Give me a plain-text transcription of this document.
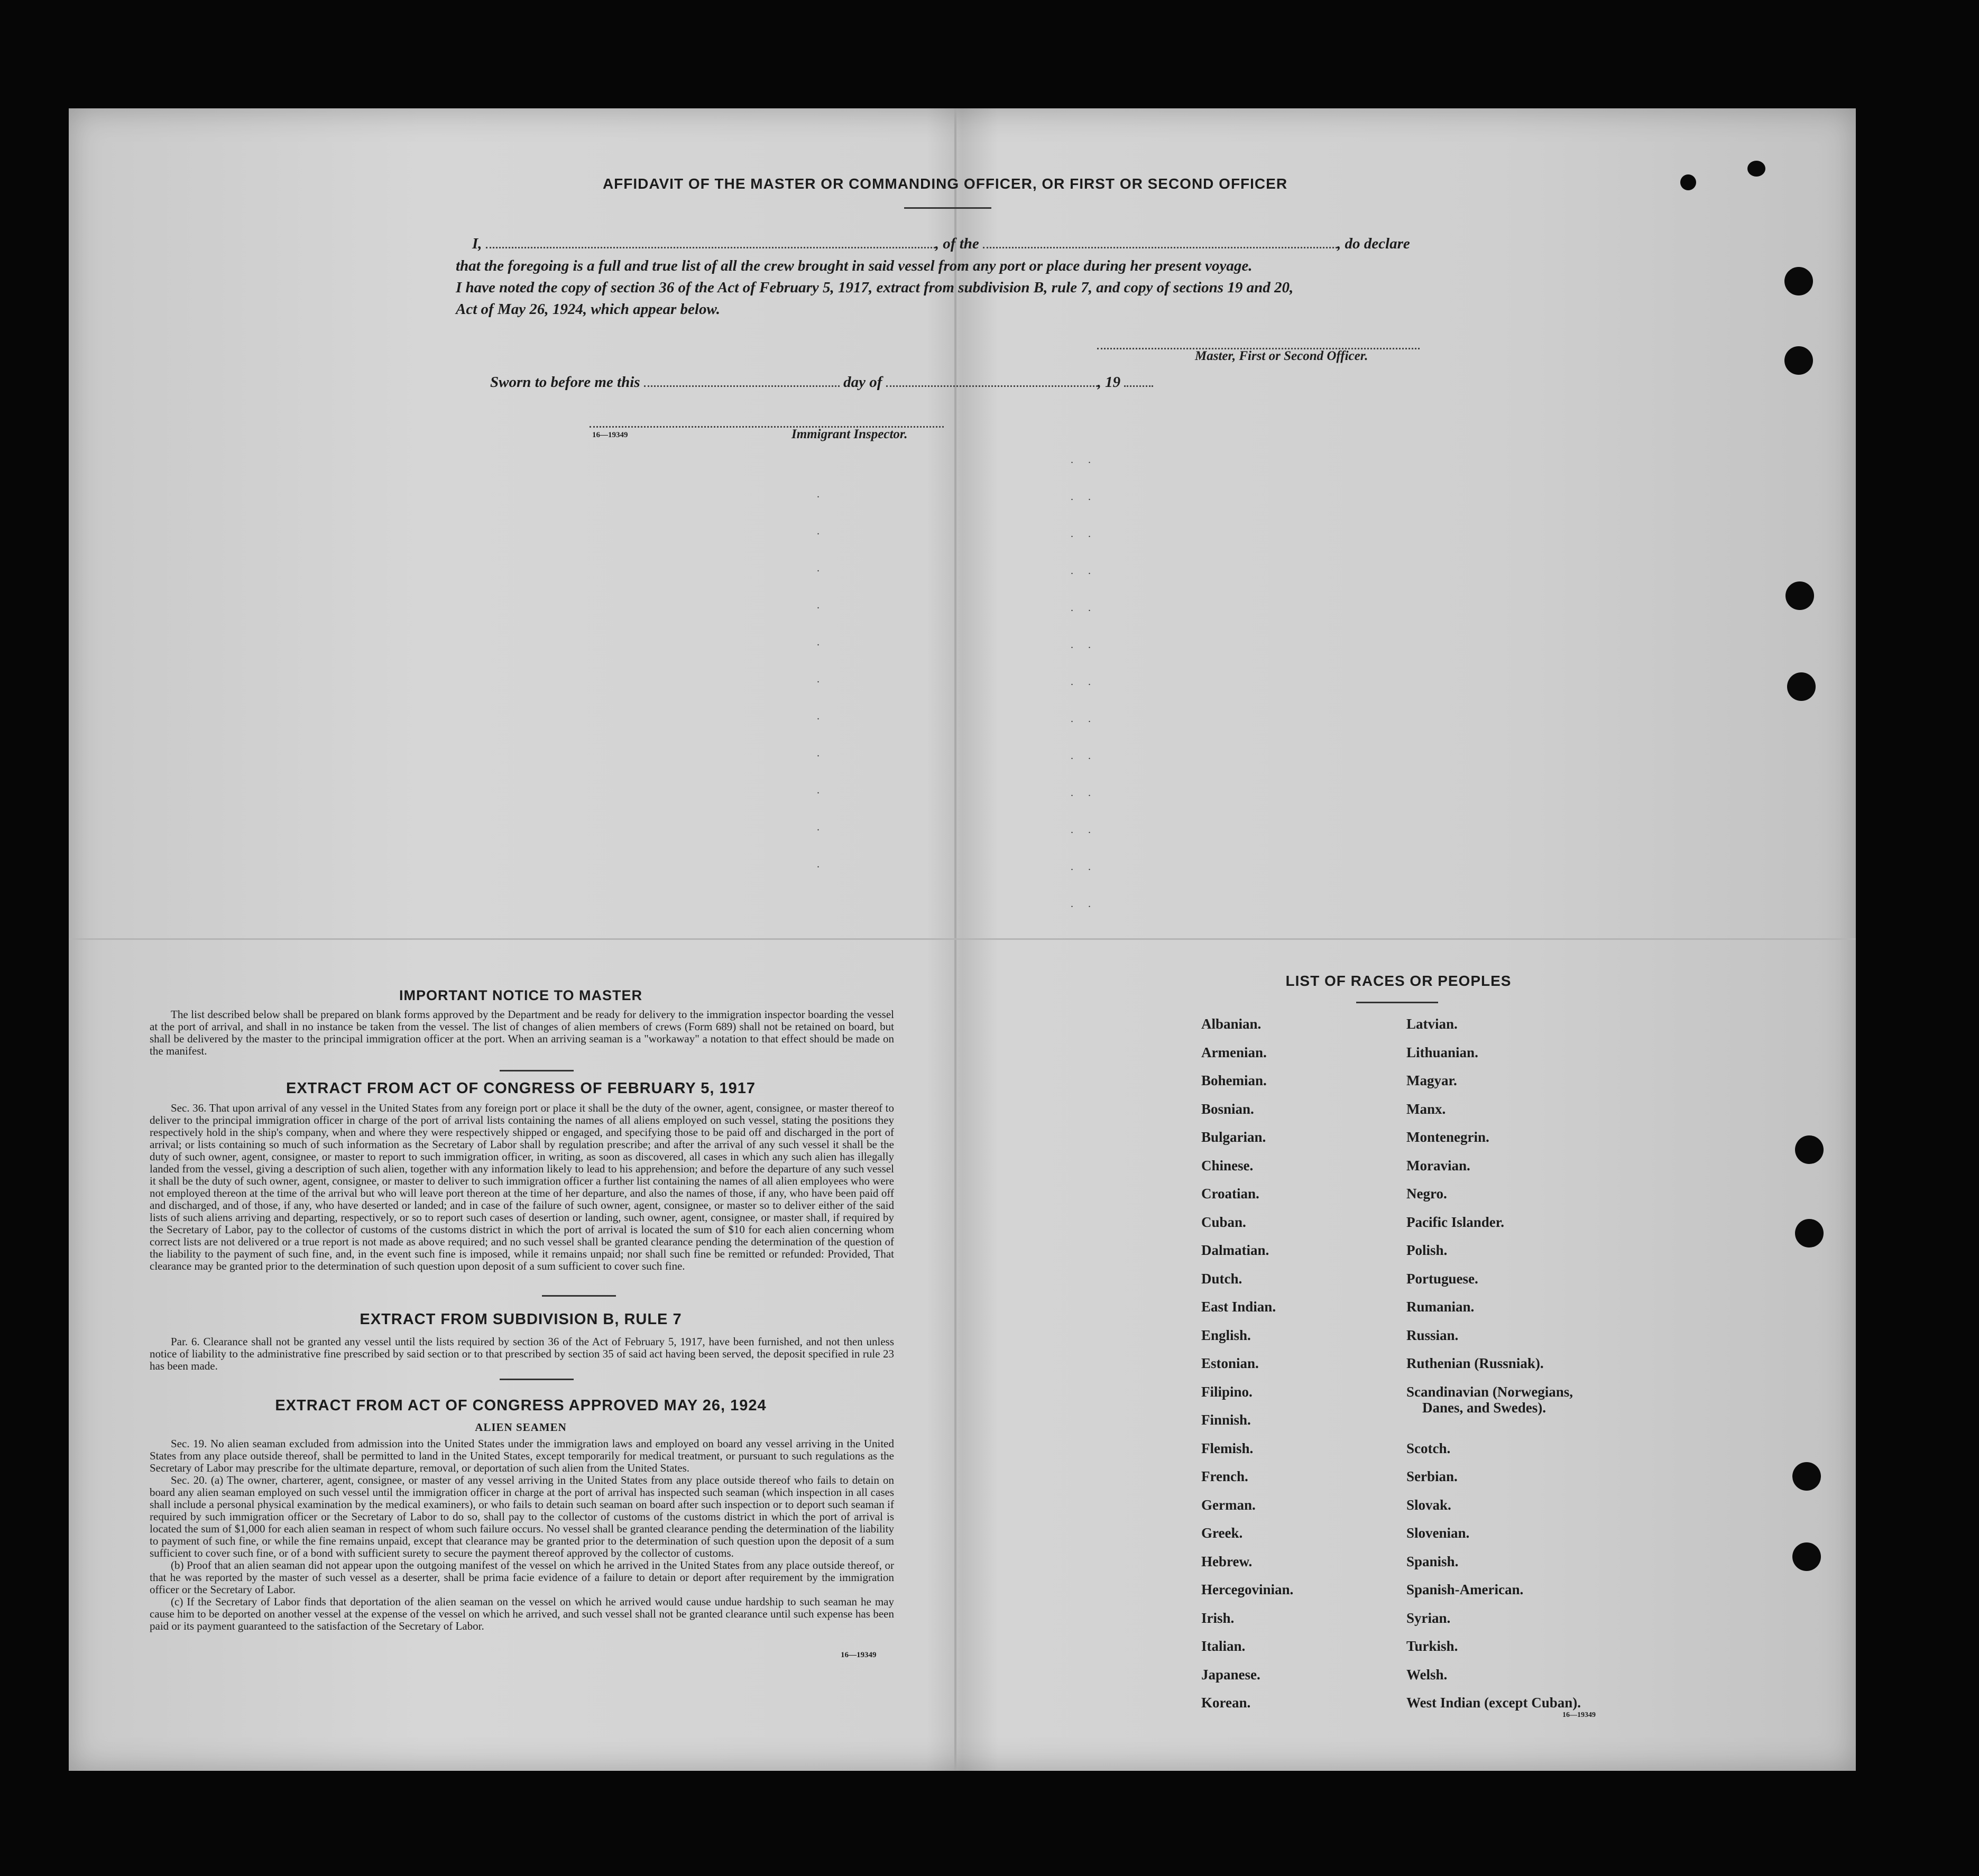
AFFIDAVIT OF THE MASTER OR COMMANDING OFFICER, OR FIRST OR SECOND OFFICER
I,	, of the	, do declare
that the foregoing is a full and true list of all the crew brought in said vessel from any port or place during her present voyage.
I have noted the copy of section 36 of the Act of February 5, 1917, extract from subdivision B, rule 7, and copy of sections 19 and 20,
Act of May 26, 1924, which appear below.
Master, First or Second Officer.
Sworn to before me this	day of	, 19
16—19349	Immigrant Inspector.
..
..
..
..
..
..
..
..
..
..
..
..
..
.
.
.
.
.
.
.
.
.
.
.
IMPORTANT NOTICE TO MASTER

The list described below shall be prepared on blank forms approved by the Department and be ready for delivery to the immigration inspector boarding the vessel at the port of arrival, and shall in no instance be taken from the vessel. The list of changes of alien members of crews (Form 689) shall not be retained on board, but shall be delivered by the master to the principal immigration officer at the port. When an arriving seaman is a "workaway" a notation to that effect should be made on the manifest.

EXTRACT FROM ACT OF CONGRESS OF FEBRUARY 5, 1917

Sec. 36. That upon arrival of any vessel in the United States from any foreign port or place it shall be the duty of the owner, agent, consignee, or master thereof to deliver to the principal immigration officer in charge of the port of arrival lists containing the names of all aliens employed on such vessel, stating the positions they respectively hold in the ship's company, when and where they were respectively shipped or engaged, and specifying those to be paid off and discharged in the port of arrival; or lists containing so much of such information as the Secretary of Labor shall by regulation prescribe; and after the arrival of any such vessel it shall be the duty of such owner, agent, consignee, or master to report to such immigration officer, in writing, as soon as discovered, all cases in which any such alien has illegally landed from the vessel, giving a description of such alien, together with any information likely to lead to his apprehension; and before the departure of any such vessel it shall be the duty of such owner, agent, consignee, or master to deliver to such immigration officer a further list containing the names of all alien employees who were not employed thereon at the time of the arrival but who will leave port thereon at the time of her departure, and also the names of those, if any, who have been paid off and discharged, and of those, if any, who have deserted or landed; and in case of the failure of such owner, agent, consignee, or master so to deliver either of the said lists of such aliens arriving and departing, respectively, or so to report such cases of desertion or landing, such owner, agent, consignee, or master shall, if required by the Secretary of Labor, pay to the collector of customs of the customs district in which the port of arrival is located the sum of $10 for each alien concerning whom correct lists are not delivered or a true report is not made as above required; and no such vessel shall be granted clearance pending the determination of the question of the liability to the payment of such fine, and, in the event such fine is imposed, while it remains unpaid; nor shall such fine be remitted or refunded: Provided, That clearance may be granted prior to the determination of such question upon deposit of a sum sufficient to cover such fine.

EXTRACT FROM SUBDIVISION B, RULE 7

Par. 6. Clearance shall not be granted any vessel until the lists required by section 36 of the Act of February 5, 1917, have been furnished, and not then unless notice of liability to the administrative fine prescribed by said section or to that prescribed by section 35 of said act having been served, the deposit specified in rule 23 has been made.

EXTRACT FROM ACT OF CONGRESS APPROVED MAY 26, 1924
ALIEN SEAMEN

Sec. 19. No alien seaman excluded from admission into the United States under the immigration laws and employed on board any vessel arriving in the United States from any place outside thereof, shall be permitted to land in the United States, except temporarily for medical treatment, or pursuant to such regulations as the Secretary of Labor may prescribe for the ultimate departure, removal, or deportation of such alien from the United States.

Sec. 20. (a) The owner, charterer, agent, consignee, or master of any vessel arriving in the United States from any place outside thereof who fails to detain on board any alien seaman employed on such vessel until the immigration officer in charge at the port of arrival has inspected such seaman (which inspection in all cases shall include a personal physical examination by the medical examiners), or who fails to detain such seaman on board after such inspection or to deport such seaman if required by such immigration officer or the Secretary of Labor to do so, shall pay to the collector of customs of the customs district in which the port of arrival is located the sum of $1,000 for each alien seaman in respect of whom such failure occurs. No vessel shall be granted clearance pending the determination of the liability to payment of such fine, or while the fine remains unpaid, except that clearance may be granted prior to the determination of such question upon the deposit of a sum sufficient to cover such fine, or of a bond with sufficient surety to secure the payment thereof approved by the collector of customs.

(b) Proof that an alien seaman did not appear upon the outgoing manifest of the vessel on which he arrived in the United States from any place outside thereof, or that he was reported by the master of such vessel as a deserter, shall be prima facie evidence of a failure to detain or deport after requirement by the immigration officer or the Secretary of Labor.

(c) If the Secretary of Labor finds that deportation of the alien seaman on the vessel on which he arrived would cause undue hardship to such seaman he may cause him to be deported on another vessel at the expense of the vessel on which he arrived, and such vessel shall not be granted clearance until such expense has been paid or its payment guaranteed to the satisfaction of the Secretary of Labor.

16—19349
LIST OF RACES OR PEOPLES
Albanian.
Armenian.
Bohemian.
Bosnian.
Bulgarian.
Chinese.
Croatian.
Cuban.
Dalmatian.
Dutch.
East Indian.
English.
Estonian.
Filipino.
Finnish.
Flemish.
French.
German.
Greek.
Hebrew.
Hercegovinian.
Irish.
Italian.
Japanese.
Korean.
Latvian.
Lithuanian.
Magyar.
Manx.
Montenegrin.
Moravian.
Negro.
Pacific Islander.
Polish.
Portuguese.
Rumanian.
Russian.
Ruthenian (Russniak).
Scandinavian (Norwegians,
Danes, and Swedes).
Scotch.
Serbian.
Slovak.
Slovenian.
Spanish.
Spanish-American.
Syrian.
Turkish.
Welsh.
West Indian (except Cuban).
16—19349
